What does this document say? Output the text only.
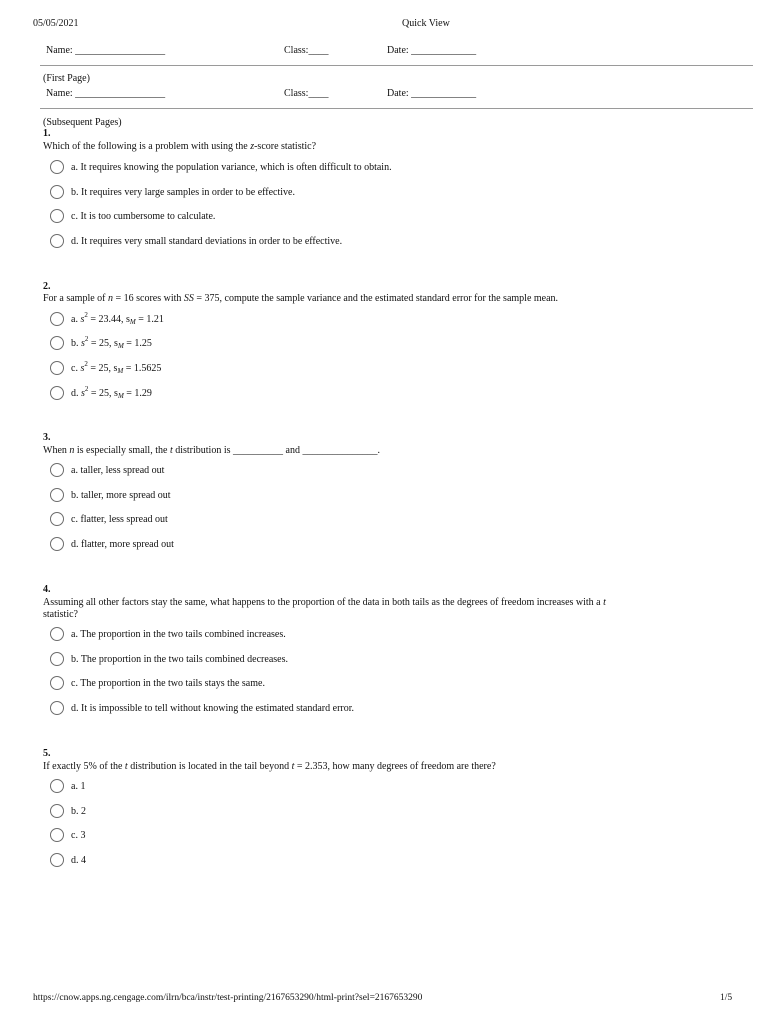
05/05/2021	Quick View
Name: __________________	Class:____	Date: _____________
(First Page)
Name: __________________	Class:____	Date: _____________
(Subsequent Pages)
1.
Which of the following is a problem with using the z-score statistic?
a. It requires knowing the population variance, which is often difficult to obtain.
b. It requires very large samples in order to be effective.
c. It is too cumbersome to calculate.
d. It requires very small standard deviations in order to be effective.
2.
For a sample of n = 16 scores with SS = 375, compute the sample variance and the estimated standard error for the sample mean.
a. $s^2 = 23.44$, $s_M = 1.21$
b. $s^2 = 25$, $s_M = 1.25$
c. $s^2 = 25$, $s_M = 1.5625$
d. $s^2 = 25$, $s_M = 1.29$
3.
When n is especially small, the t distribution is __________ and _______________.
a. taller, less spread out
b. taller, more spread out
c. flatter, less spread out
d. flatter, more spread out
4.
Assuming all other factors stay the same, what happens to the proportion of the data in both tails as the degrees of freedom increases with a t
statistic?
a. The proportion in the two tails combined increases.
b. The proportion in the two tails combined decreases.
c. The proportion in the two tails stays the same.
d. It is impossible to tell without knowing the estimated standard error.
5.
If exactly 5% of the t distribution is located in the tail beyond t = 2.353, how many degrees of freedom are there?
a. 1
b. 2
c. 3
d. 4
https://cnow.apps.ng.cengage.com/ilrn/bca/instr/test-printing/2167653290/html-print?sel=2167653290	1/5
